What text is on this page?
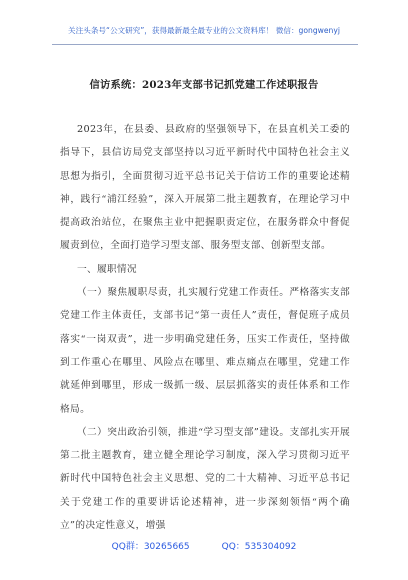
关注头条号“公文研究”，获得最新最全最专业的公文资料库！ 微信：gongwenyj
信访系统：2023年支部书记抓党建工作述职报告

2023年，在县委、县政府的坚强领导下，在县直机关工委的指导下，县信访局党支部坚持以习近平新时代中国特色社会主义思想为指引，全面贯彻习近平总书记关于信访工作的重要论述精神，践行“浦江经验”，深入开展第二批主题教育，在理论学习中提高政治站位，在聚焦主业中把握职责定位，在服务群众中督促履责到位，全面打造学习型支部、服务型支部、创新型支部。

一、履职情况

（一）聚焦履职尽责，扎实履行党建工作责任。严格落实支部党建工作主体责任，支部书记“第一责任人”责任，督促班子成员落实“一岗双责”，进一步明确党建任务，压实工作责任，坚持做到工作重心在哪里、风险点在哪里、难点痛点在哪里，党建工作就延伸到哪里，形成一级抓一级、层层抓落实的责任体系和工作格局。

（二）突出政治引领，推进“学习型支部”建设。支部扎实开展第二批主题教育，建立健全理论学习制度，深入学习贯彻习近平新时代中国特色社会主义思想、党的二十大精神、习近平总书记关于党建工作的重要讲话论述精神，进一步深刻领悟“两个确立”的决定性意义，增强

QQ群：30265665	QQ：535304092
